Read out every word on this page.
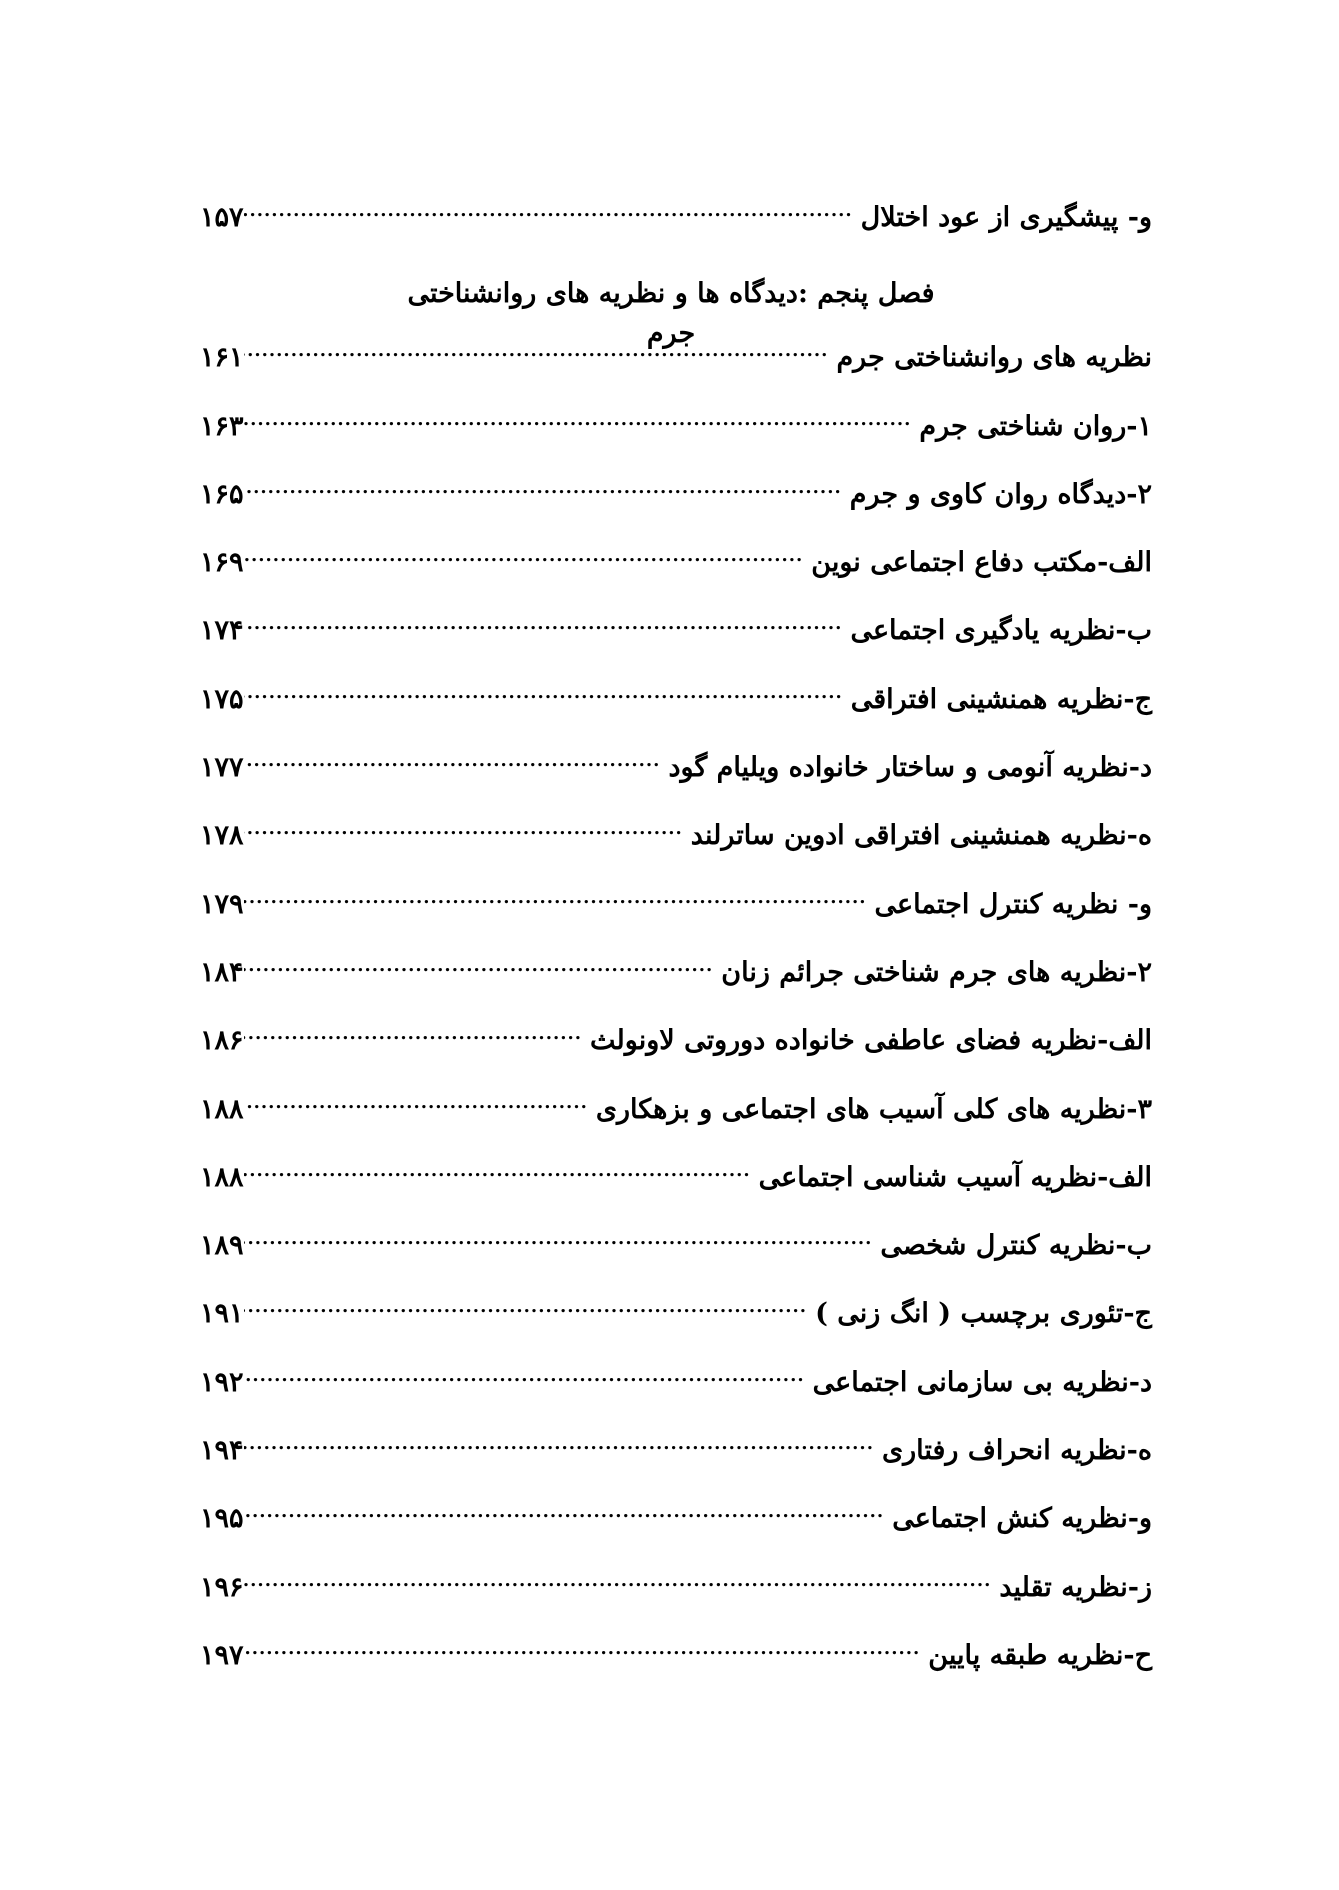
و- پیشگیری از عود اختلال
.....
۱۵۷
فصل پنجم :دیدگاه ها و نظریه های روانشناختی جرم
نظریه های روانشناختی جرم
.....
۱۶۱
۱-روان شناختی جرم
.....
۱۶۳
۲-دیدگاه روان کاوی و جرم
.....
۱۶۵
الف-مکتب دفاع اجتماعی نوین
.....
۱۶۹
ب-نظریه یادگیری اجتماعی
.....
۱۷۴
ج-نظریه همنشینی افتراقی
.....
۱۷۵
د-نظریه آنومی و ساختار خانواده ویلیام گود
.....
۱۷۷
ه-نظریه همنشینی افتراقی ادوین ساترلند
.....
۱۷۸
و- نظریه کنترل اجتماعی
.....
۱۷۹
۲-نظریه های جرم شناختی جرائم زنان
.....
۱۸۴
الف-نظریه فضای عاطفی خانواده دوروتی لاونولث
.....
۱۸۶
۳-نظریه های کلی آسیب های اجتماعی و بزهکاری
.....
۱۸۸
الف-نظریه آسیب شناسی اجتماعی
.....
۱۸۸
ب-نظریه کنترل شخصی
.....
۱۸۹
ج-تئوری برچسب ( انگ زنی )
.....
۱۹۱
د-نظریه بی سازمانی اجتماعی
.....
۱۹۲
ه-نظریه انحراف رفتاری
.....
۱۹۴
و-نظریه کنش اجتماعی
.....
۱۹۵
ز-نظریه تقلید
.....
۱۹۶
ح-نظریه طبقه پایین
.....
۱۹۷
